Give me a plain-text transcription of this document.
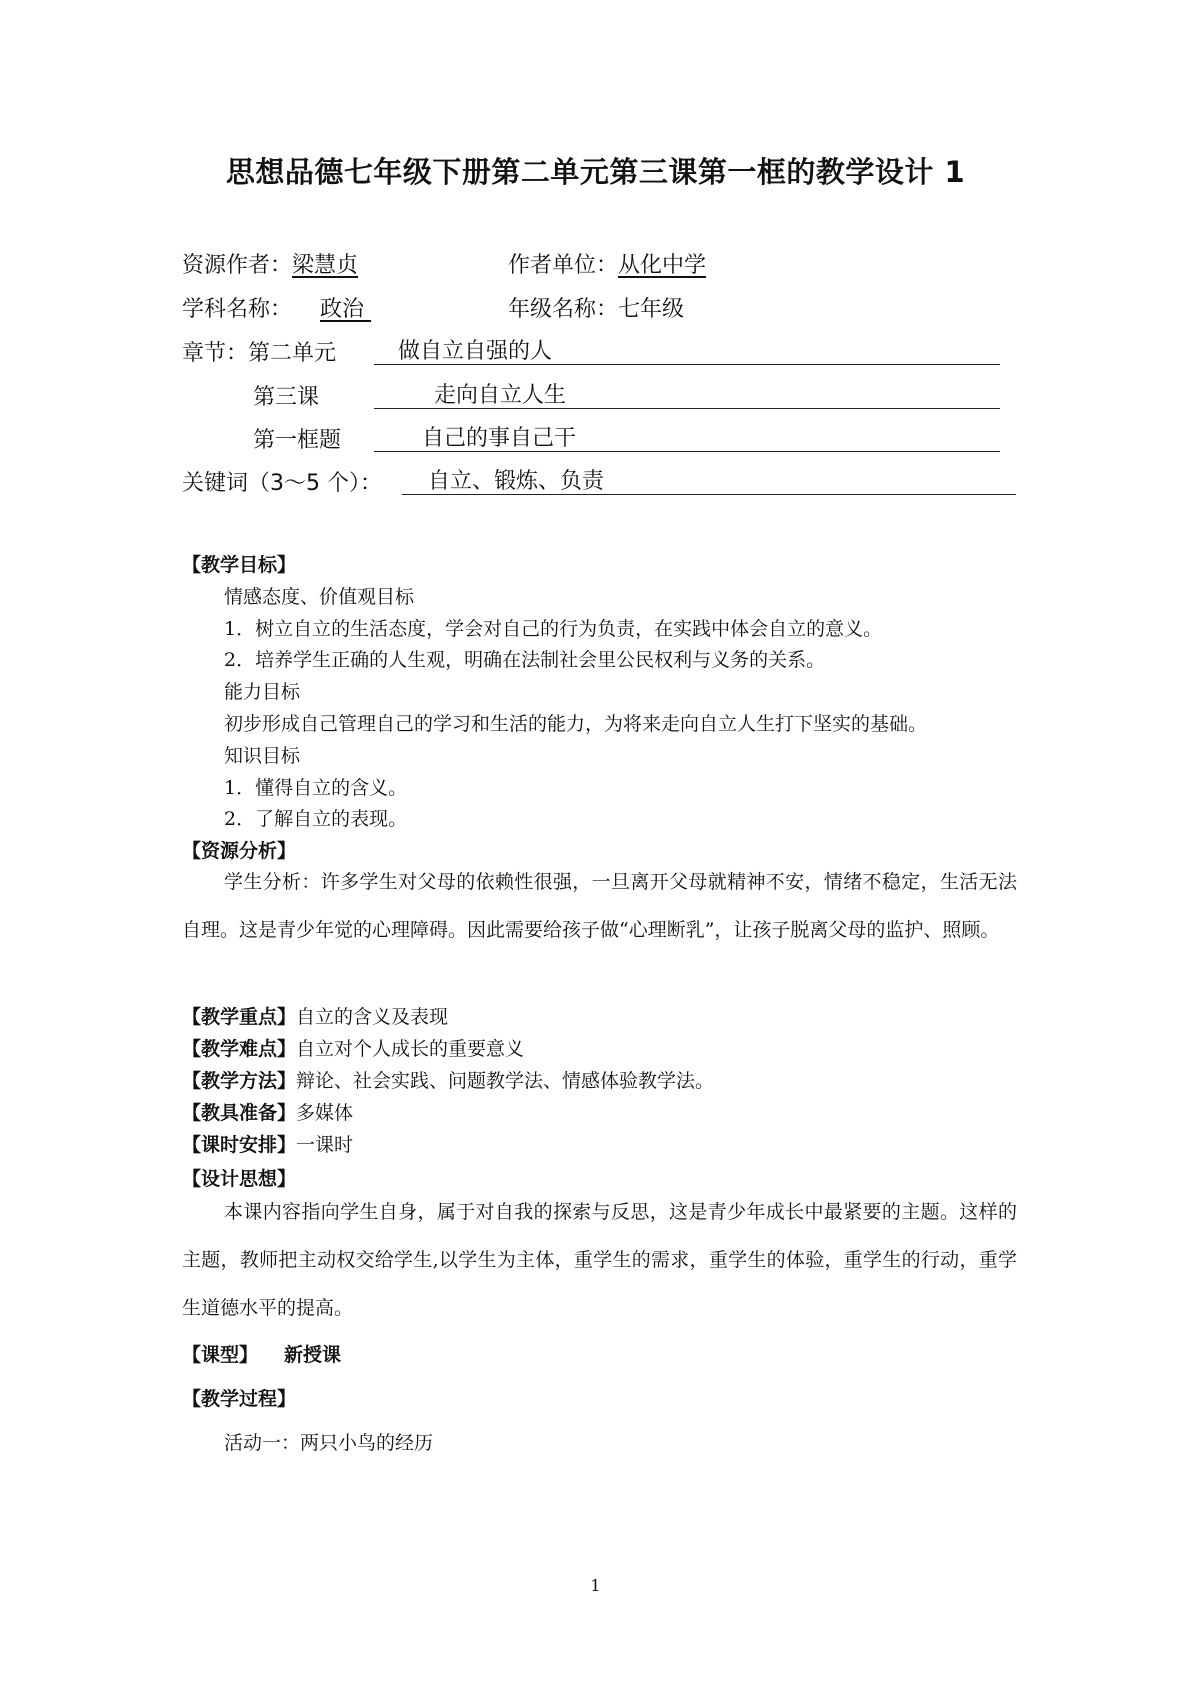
思想品德七年级下册第二单元第三课第一框的教学设计 1
资源作者：梁慧贞	作者单位：从化中学
学科名称： 政治	年级名称：七年级
章节：第二单元	做自立自强的人
第三课	走向自立人生
第一框题	自己的事自己干
关键词（3～5 个）：	自立、锻炼、负责
【教学目标】
情感态度、价值观目标
1．树立自立的生活态度，学会对自己的行为负责，在实践中体会自立的意义。
2．培养学生正确的人生观，明确在法制社会里公民权利与义务的关系。
能力目标
初步形成自己管理自己的学习和生活的能力，为将来走向自立人生打下坚实的基础。
知识目标
1．懂得自立的含义。
2．了解自立的表现。
【资源分析】
学生分析：许多学生对父母的依赖性很强，一旦离开父母就精神不安，情绪不稳定，生活无法自理。这是青少年觉的心理障碍。因此需要给孩子做“心理断乳”，让孩子脱离父母的监护、照顾。
【教学重点】自立的含义及表现
【教学难点】自立对个人成长的重要意义
【教学方法】辩论、社会实践、问题教学法、情感体验教学法。
【教具准备】多媒体
【课时安排】一课时
【设计思想】
本课内容指向学生自身，属于对自我的探索与反思，这是青少年成长中最紧要的主题。这样的主题，教师把主动权交给学生,以学生为主体，重学生的需求，重学生的体验，重学生的行动，重学生道德水平的提高。
【课型】 新授课
【教学过程】
活动一：两只小鸟的经历
1
